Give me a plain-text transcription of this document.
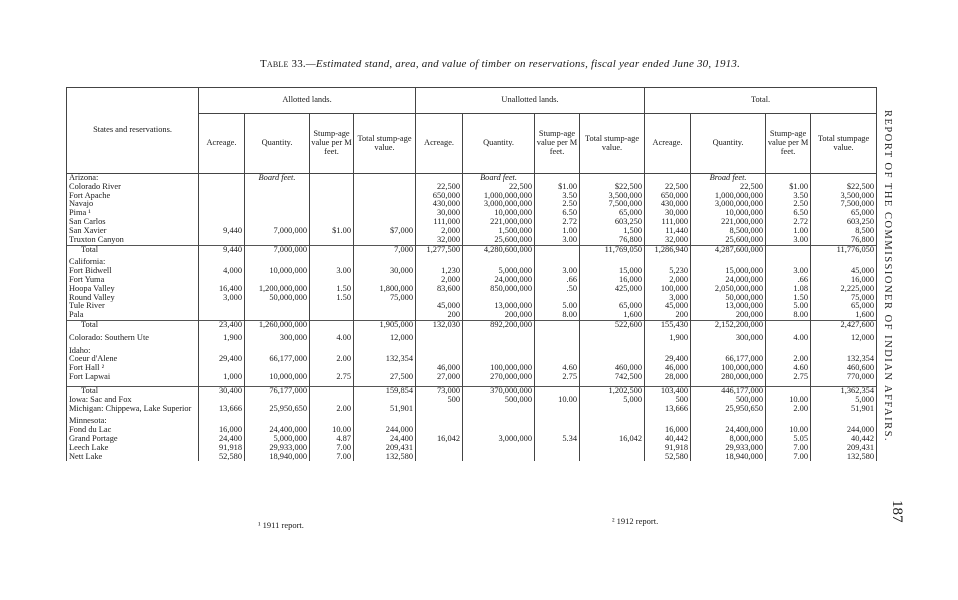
Table 33.—Estimated stand, area, and value of timber on reservations, fiscal year ended June 30, 1913.
States and reservations.	Allotted lands.				Unallotted lands.				Total.			
	Acreage.	Quantity.	Stump-age value per M feet.	Total stump-age value.	Acreage.	Quantity.	Stump-age value per M feet.	Total stump-age value.	Acreage.	Quantity.	Stump-age value per M feet.	Total stumpage value.
Arizona:		Board feet.				Board feet.				Broad feet.		
Colorado River					22,500	22,500	$1.00	$22,500	22,500	22,500	$1.00	$22,500
Fort Apache					650,000	1,000,000,000	3.50	3,500,000	650,000	1,000,000,000	3.50	3,500,000
Navajo					430,000	3,000,000,000	2.50	7,500,000	430,000	3,000,000,000	2.50	7,500,000
Pima ¹					30,000	10,000,000	6.50	65,000	30,000	10,000,000	6.50	65,000
San Carlos					111,000	221,000,000	2.72	603,250	111,000	221,000,000	2.72	603,250
San Xavier	9,440	7,000,000	$1.00	$7,000	2,000	1,500,000	1.00	1,500	11,440	8,500,000	1.00	8,500
Truxton Canyon					32,000	25,600,000	3.00	76,800	32,000	25,600,000	3.00	76,800
Total	9,440	7,000,000		7,000	1,277,500	4,280,600,000		11,769,050	1,286,940	4,287,600,000		11,776,050

California:												
Fort Bidwell	4,000	10,000,000	3.00	30,000	1,230	5,000,000	3.00	15,000	5,230	15,000,000	3.00	45,000
Fort Yuma					2,000	24,000,000	.66	16,000	2,000	24,000,000	.66	16,000
Hoopa Valley	16,400	1,200,000,000	1.50	1,800,000	83,600	850,000,000	.50	425,000	100,000	2,050,000,000	1.08	2,225,000
Round Valley	3,000	50,000,000	1.50	75,000					3,000	50,000,000	1.50	75,000
Tule River					45,000	13,000,000	5.00	65,000	45,000	13,000,000	5.00	65,000
Pala					200	200,000	8.00	1,600	200	200,000	8.00	1,600
Total	23,400	1,260,000,000		1,905,000	132,030	892,200,000		522,600	155,430	2,152,200,000		2,427,600

Colorado: Southern Ute	1,900	300,000	4.00	12,000					1,900	300,000	4.00	12,000

Idaho:												
Coeur d'Alene	29,400	66,177,000	2.00	132,354					29,400	66,177,000	2.00	132,354
Fort Hall ²					46,000	100,000,000	4.60	460,000	46,000	100,000,000	4.60	460,600
Fort Lapwai	1,000	10,000,000	2.75	27,500	27,000	270,000,000	2.75	742,500	28,000	280,000,000	2.75	770,000

Total	30,400	76,177,000		159,854	73,000	370,000,000		1,202,500	103,400	446,177,000		1,362,354
Iowa: Sac and Fox					500	500,000	10.00	5,000	500	500,000	10.00	5,000
Michigan: Chippewa, Lake Superior	13,666	25,950,650	2.00	51,901					13,666	25,950,650	2.00	51,901

Minnesota:												
Fond du Lac	16,000	24,400,000	10.00	244,000					16,000	24,400,000	10.00	244,000
Grand Portage	24,400	5,000,000	4.87	24,400	16,042	3,000,000	5.34	16,042	40,442	8,000,000	5.05	40,442
Leech Lake	91,918	29,933,000	7.00	209,431					91,918	29,933,000	7.00	209,431
Nett Lake	52,580	18,940,000	7.00	132,580					52,580	18,940,000	7.00	132,580
¹ 1911 report.	² 1912 report.
REPORT OF THE COMMISSIONER OF INDIAN AFFAIRS.
187
